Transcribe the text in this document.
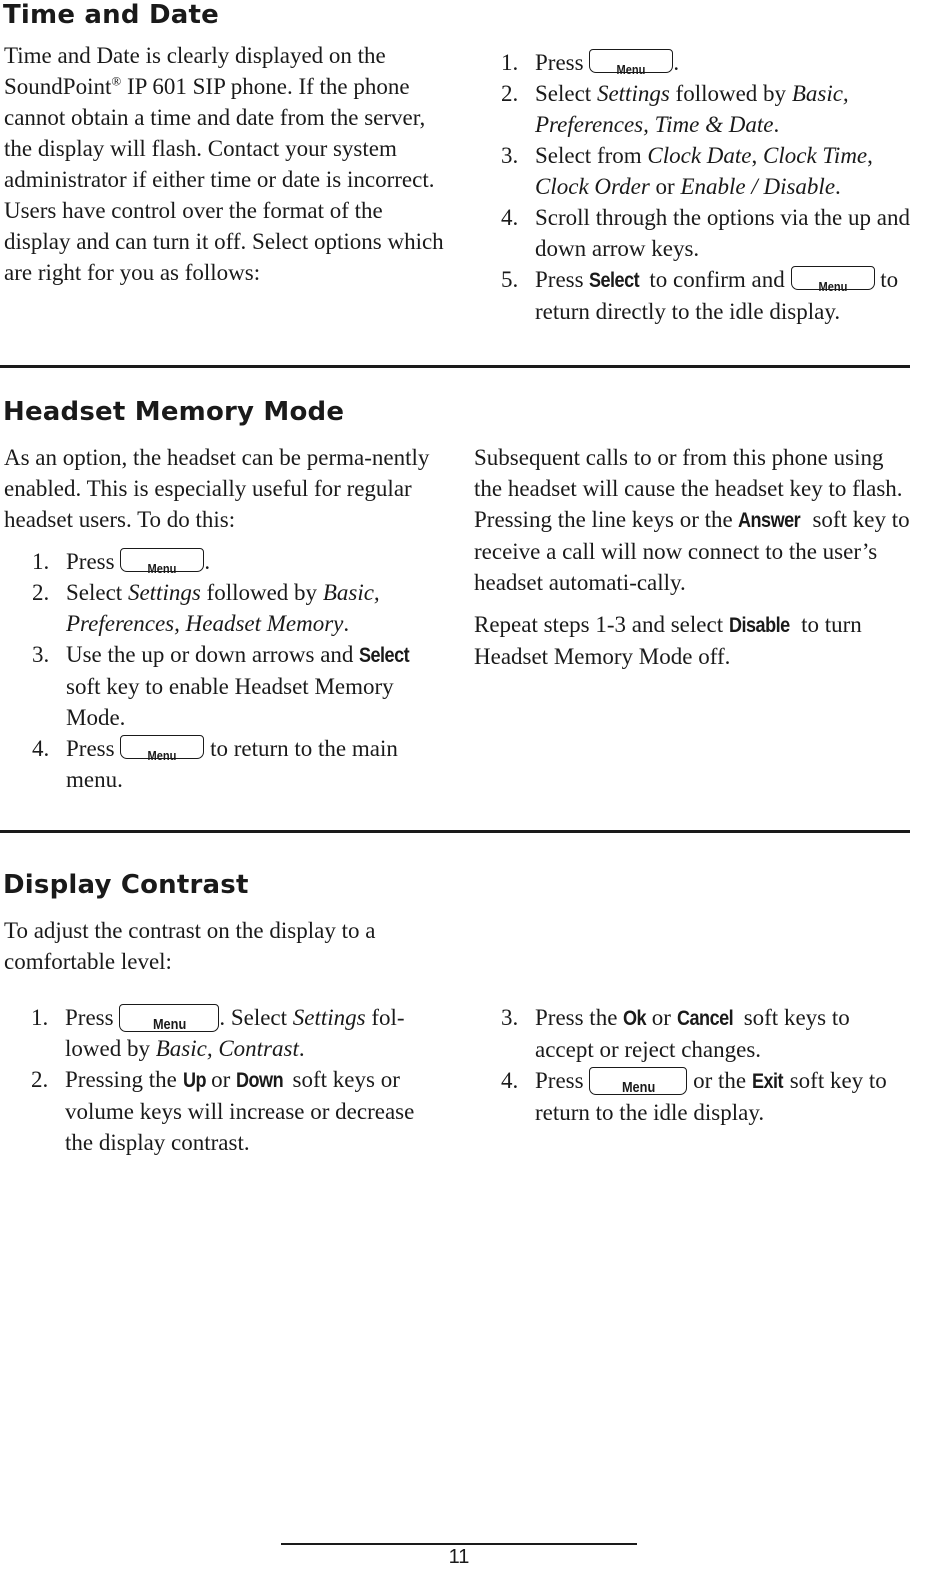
Time and Date

Time and Date is clearly displayed on the SoundPoint® IP 601 SIP phone. If the phone cannot obtain a time and date from the server, the display will flash. Contact your system administrator if either time or date is incorrect. Users have control over the format of the display and can turn it off. Select options which are right for you as follows:

1. Press Menu .
2. Select Settings followed by Basic, Preferences, Time & Date.
3. Select from Clock Date, Clock Time, Clock Order or Enable / Disable.
4. Scroll through the options via the up and down arrow keys.
5. Press Select to confirm and Menu to return directly to the idle display.
Headset Memory Mode

As an option, the headset can be perma-nently enabled. This is especially useful for regular headset users. To do this:

1. Press Menu .
2. Select Settings followed by Basic, Preferences, Headset Memory.
3. Use the up or down arrows and Select soft key to enable Headset Memory Mode.
4. Press Menu to return to the main menu.

Subsequent calls to or from this phone using the headset will cause the headset key to flash. Pressing the line keys or the Answer soft key to receive a call will now connect to the user’s headset automati-cally.

Repeat steps 1-3 and select Disable to turn Headset Memory Mode off.

Display Contrast

To adjust the contrast on the display to a comfortable level:

1. Press Menu . Select Settings fol-lowed by Basic, Contrast.
2. Pressing the Up or Down soft keys or volume keys will increase or decrease the display contrast.
3. Press the Ok or Cancel soft keys to accept or reject changes.
4. Press Menu or the Exit soft key to return to the idle display.
11
